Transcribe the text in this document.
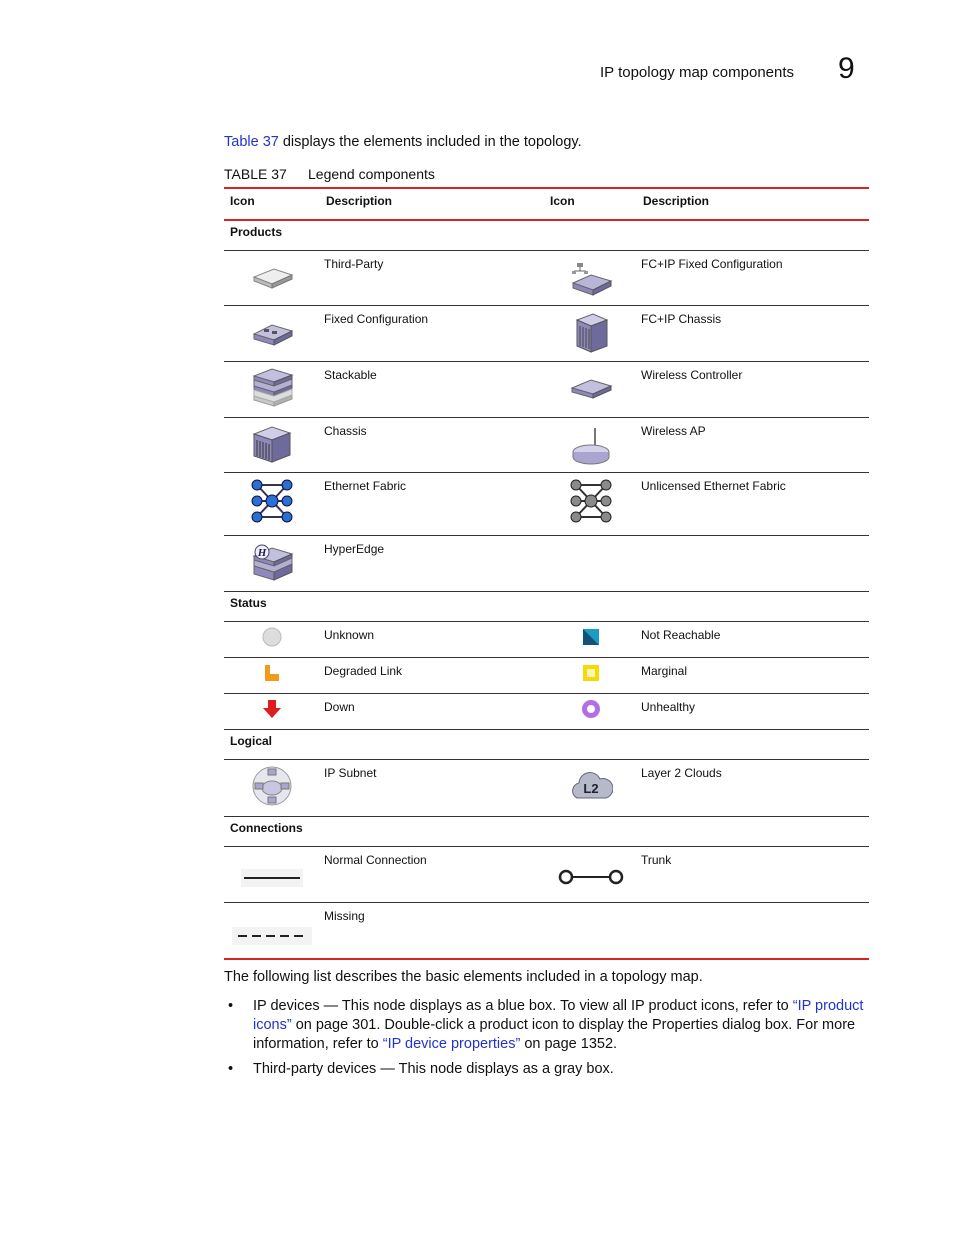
IP topology map components 9
Table 37 displays the elements included in the topology.
TABLE 37 Legend components
Icon	Description	Icon	Description
Products			

	Third-Party		FC+IP Fixed Configuration

	Fixed Configuration		FC+IP Chassis

	Stackable		Wireless Controller

	Chassis		Wireless AP

	Ethernet Fabric		Unlicensed Ethernet Fabric

H	HyperEdge		
Status			

	Unknown		Not Reachable

	Degraded Link		Marginal

	Down		Unhealthy
Logical			

	IP Subnet	L2	Layer 2 Clouds
Connections			

	Normal Connection		Trunk

	Missing		
The following list describes the basic elements included in a topology map.
• IP devices — This node displays as a blue box. To view all IP product icons, refer to “IP product icons” on page 301. Double-click a product icon to display the Properties dialog box. For more information, refer to “IP device properties” on page 1352.
• Third-party devices — This node displays as a gray box.
